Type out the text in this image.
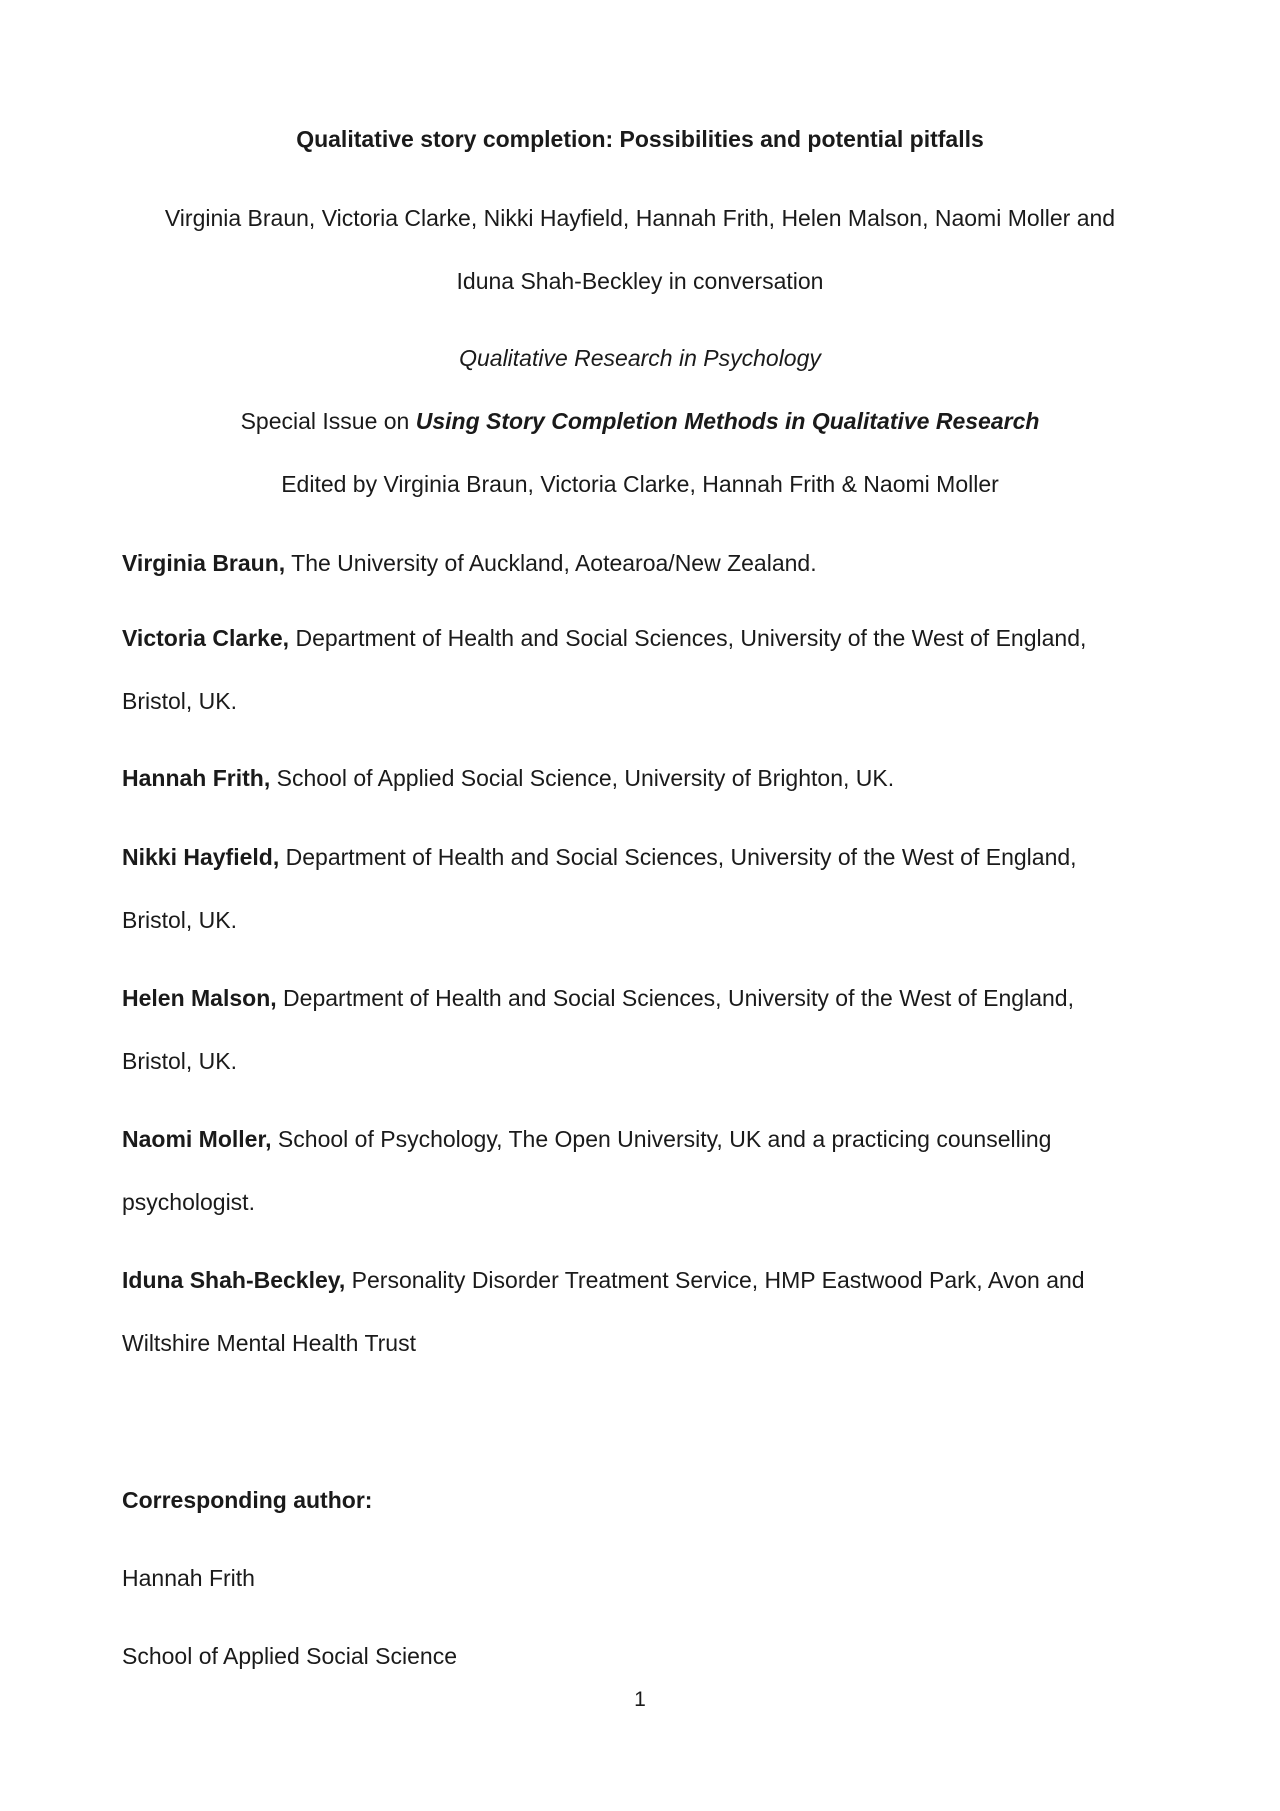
Qualitative story completion: Possibilities and potential pitfalls
Virginia Braun, Victoria Clarke, Nikki Hayfield, Hannah Frith, Helen Malson, Naomi Moller and
Iduna Shah-Beckley in conversation
Qualitative Research in Psychology
Special Issue on Using Story Completion Methods in Qualitative Research
Edited by Virginia Braun, Victoria Clarke, Hannah Frith & Naomi Moller
Virginia Braun, The University of Auckland, Aotearoa/New Zealand.
Victoria Clarke, Department of Health and Social Sciences, University of the West of England,
Bristol, UK.
Hannah Frith, School of Applied Social Science, University of Brighton, UK.
Nikki Hayfield, Department of Health and Social Sciences, University of the West of England,
Bristol, UK.
Helen Malson, Department of Health and Social Sciences, University of the West of England,
Bristol, UK.
Naomi Moller, School of Psychology, The Open University, UK and a practicing counselling
psychologist.
Iduna Shah-Beckley, Personality Disorder Treatment Service, HMP Eastwood Park, Avon and
Wiltshire Mental Health Trust
Corresponding author:
Hannah Frith
School of Applied Social Science
1
